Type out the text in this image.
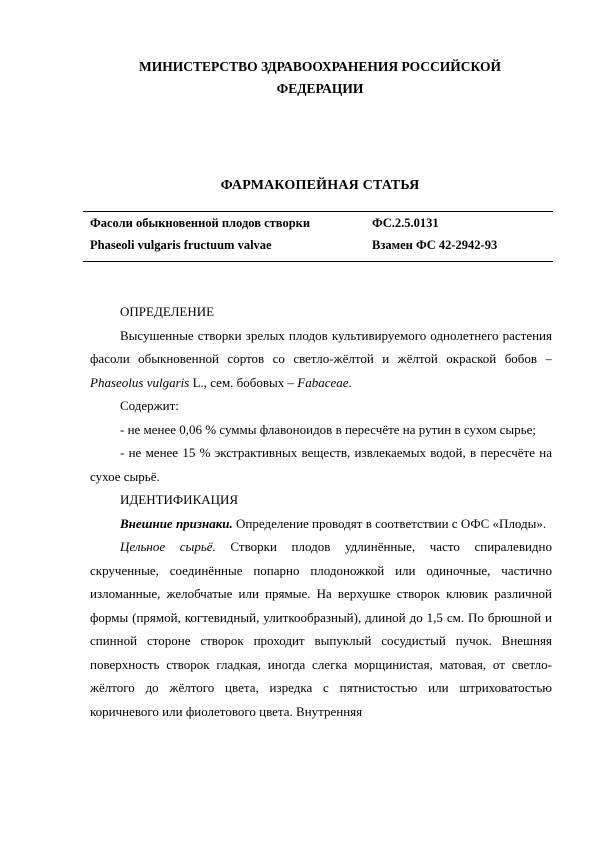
МИНИСТЕРСТВО ЗДРАВООХРАНЕНИЯ РОССИЙСКОЙ
ФЕДЕРАЦИИ
ФАРМАКОПЕЙНАЯ СТАТЬЯ
Фасоли обыкновенной плодов створки	ФС.2.5.0131
Phaseoli vulgaris fructuum valvae	Взамен ФС 42-2942-93

ОПРЕДЕЛЕНИЕ

Высушенные створки зрелых плодов культивируемого однолетнего растения фасоли обыкновенной сортов со светло-жёлтой и жёлтой окраской бобов – Phaseolus vulgaris L., сем. бобовых – Fabaceae.

Содержит:

- не менее 0,06 % суммы флавоноидов в пересчёте на рутин в сухом сырье;

- не менее 15 % экстрактивных веществ, извлекаемых водой, в пересчёте на сухое сырьё.

ИДЕНТИФИКАЦИЯ

Внешние признаки. Определение проводят в соответствии с ОФС «Плоды».

Цельное сырьё. Створки плодов удлинённые, часто спиралевидно скрученные, соединённые попарно плодоножкой или одиночные, частично изломанные, желобчатые или прямые. На верхушке створок клювик различной формы (прямой, когтевидный, улиткообразный), длиной до 1,5 см. По брюшной и спинной стороне створок проходит выпуклый сосудистый пучок. Внешняя поверхность створок гладкая, иногда слегка морщинистая, матовая, от светло-жёлтого до жёлтого цвета, изредка с пятнистостью или штриховатостью коричневого или фиолетового цвета. Внутренняя
